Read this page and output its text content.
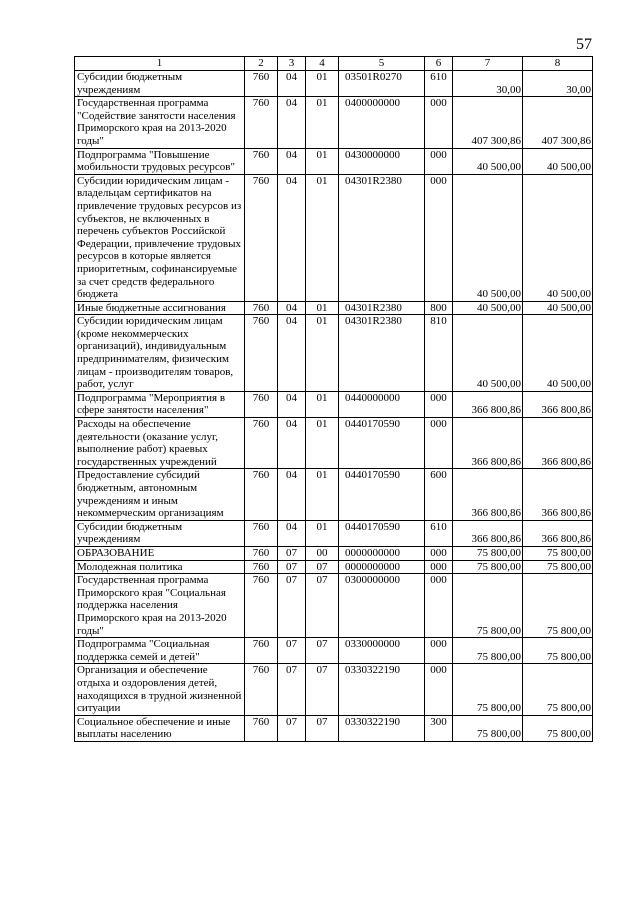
57
1	2	3	4	5	6	7	8
Субсидии бюджетным учреждениям	760	04	01	03501R0270	610	30,00	30,00
Государственная программа "Содействие занятости населения Приморского края на 2013-2020 годы"	760	04	01	0400000000	000	407 300,86	407 300,86
Подпрограмма "Повышение мобильности трудовых ресурсов"	760	04	01	0430000000	000	40 500,00	40 500,00
Субсидии юридическим лицам - владельцам сертификатов на привлечение трудовых ресурсов из субъектов, не включенных в перечень субъектов Российской Федерации, привлечение трудовых ресурсов в которые является приоритетным, софинансируемые за счет средств федерального бюджета	760	04	01	04301R2380	000	40 500,00	40 500,00
Иные бюджетные ассигнования	760	04	01	04301R2380	800	40 500,00	40 500,00
Субсидии юридическим лицам (кроме некоммерческих организаций), индивидуальным предпринимателям, физическим лицам - производителям товаров, работ, услуг	760	04	01	04301R2380	810	40 500,00	40 500,00
Подпрограмма "Мероприятия в сфере занятости населения"	760	04	01	0440000000	000	366 800,86	366 800,86
Расходы на обеспечение деятельности (оказание услуг, выполнение работ) краевых государственных учреждений	760	04	01	0440170590	000	366 800,86	366 800,86
Предоставление субсидий бюджетным, автономным учреждениям и иным некоммерческим организациям	760	04	01	0440170590	600	366 800,86	366 800,86
Субсидии бюджетным учреждениям	760	04	01	0440170590	610	366 800,86	366 800,86
ОБРАЗОВАНИЕ	760	07	00	0000000000	000	75 800,00	75 800,00
Молодежная политика	760	07	07	0000000000	000	75 800,00	75 800,00
Государственная программа Приморского края "Социальная поддержка населения Приморского края на 2013-2020 годы"	760	07	07	0300000000	000	75 800,00	75 800,00
Подпрограмма "Социальная поддержка семей и детей"	760	07	07	0330000000	000	75 800,00	75 800,00
Организация и обеспечение отдыха и оздоровления детей, находящихся в трудной жизненной ситуации	760	07	07	0330322190	000	75 800,00	75 800,00
Социальное обеспечение и иные выплаты населению	760	07	07	0330322190	300	75 800,00	75 800,00
